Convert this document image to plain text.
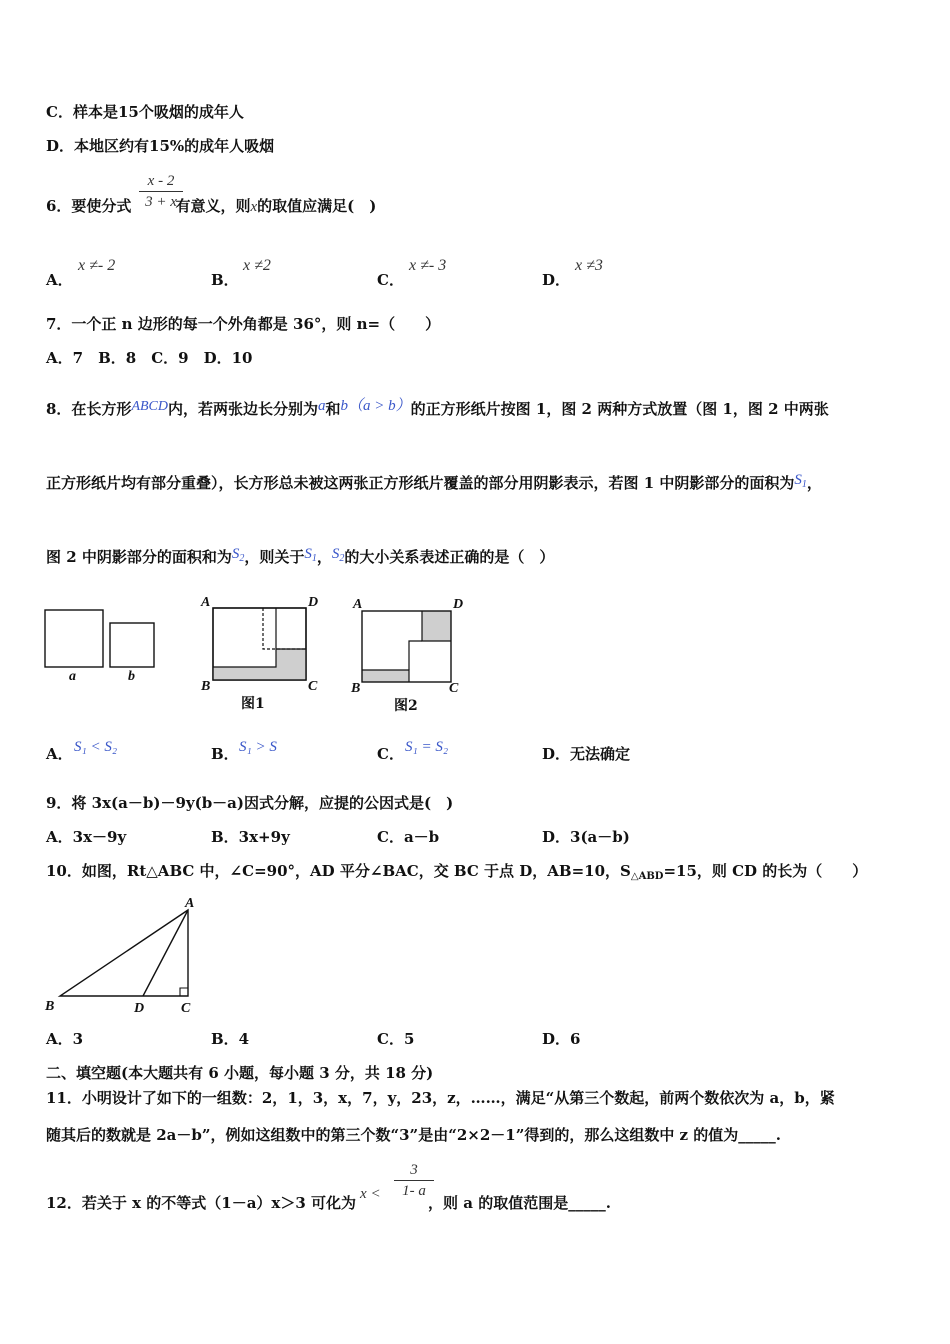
C．样本是15个吸烟的成年人
D．本地区约有15%的成年人吸烟
6．要使分式	有意义，则x的取值应满足(　)
$\frac{x - 2}{3 + x}$
A．
x ≠- 2
B．
x ≠2
C．
x ≠- 3
D．
x ≠3
7．一个正 n 边形的每一个外角都是 36°，则 n=（　　）
A．7　B．8　C．9　D．10
8．在长方形ABCD内，若两张边长分别为a和b（a > b）的正方形纸片按图 1，图 2 两种方式放置（图 1，图 2 中两张
正方形纸片均有部分重叠），长方形总未被这两张正方形纸片覆盖的部分用阴影表示，若图 1 中阴影部分的面积为$S_1$，
图 2 中阴影部分的面积和为$S_2$，则关于$S_1$，$S_2$的大小关系表述正确的是（　）
a	b
A	D
B	C
图1
A	D
B	C
图2
A． S₁ < S₂	B． S₁ > S	C． S₁ = S₂	D．无法确定
9．将 3x(a－b)－9y(b－a)因式分解，应提的公因式是(　)
A．3x－9y	B．3x+9y	C．a－b	D．3(a－b)
10．如图，Rt△ABC 中，∠C=90°，AD 平分∠BAC，交 BC 于点 D，AB=10，$S_{\triangle ABD}=15$，则 CD 的长为（　　）
A
B	D	C
A．3	B．4	C．5	D．6
二、填空题(本大题共有 6 小题，每小题 3 分，共 18 分)
11．小明设计了如下的一组数：2，1，3，x，7，y，23，z，……，满足“从第三个数起，前两个数依次为 a，b，紧
随其后的数就是 2a－b”，例如这组数中的第三个数“3”是由“2×2－1”得到的，那么这组数中 z 的值为_____.
12．若关于 x 的不等式（1－a）x＞3 可化为 x <	，则 a 的取值范围是_____.
$\frac{3}{1- a}$
